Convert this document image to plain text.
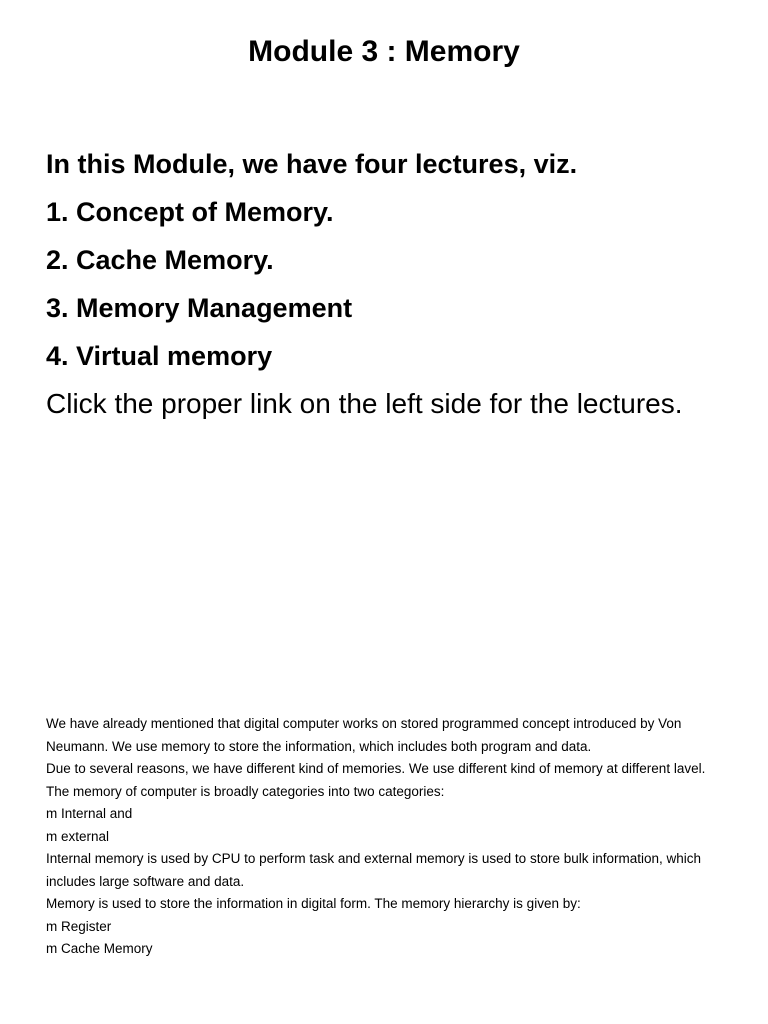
Module 3 : Memory
In this Module, we have four lectures, viz.
1. Concept of Memory.
2. Cache Memory.
3. Memory Management
4. Virtual memory
Click the proper link on the left side for the lectures.
We have already mentioned that digital computer works on stored programmed concept introduced by Von
Neumann. We use memory to store the information, which includes both program and data.
Due to several reasons, we have different kind of memories. We use different kind of memory at different lavel.
The memory of computer is broadly categories into two categories:
m Internal and
m external
Internal memory is used by CPU to perform task and external memory is used to store bulk information, which
includes large software and data.
Memory is used to store the information in digital form. The memory hierarchy is given by:
m Register
m Cache Memory
